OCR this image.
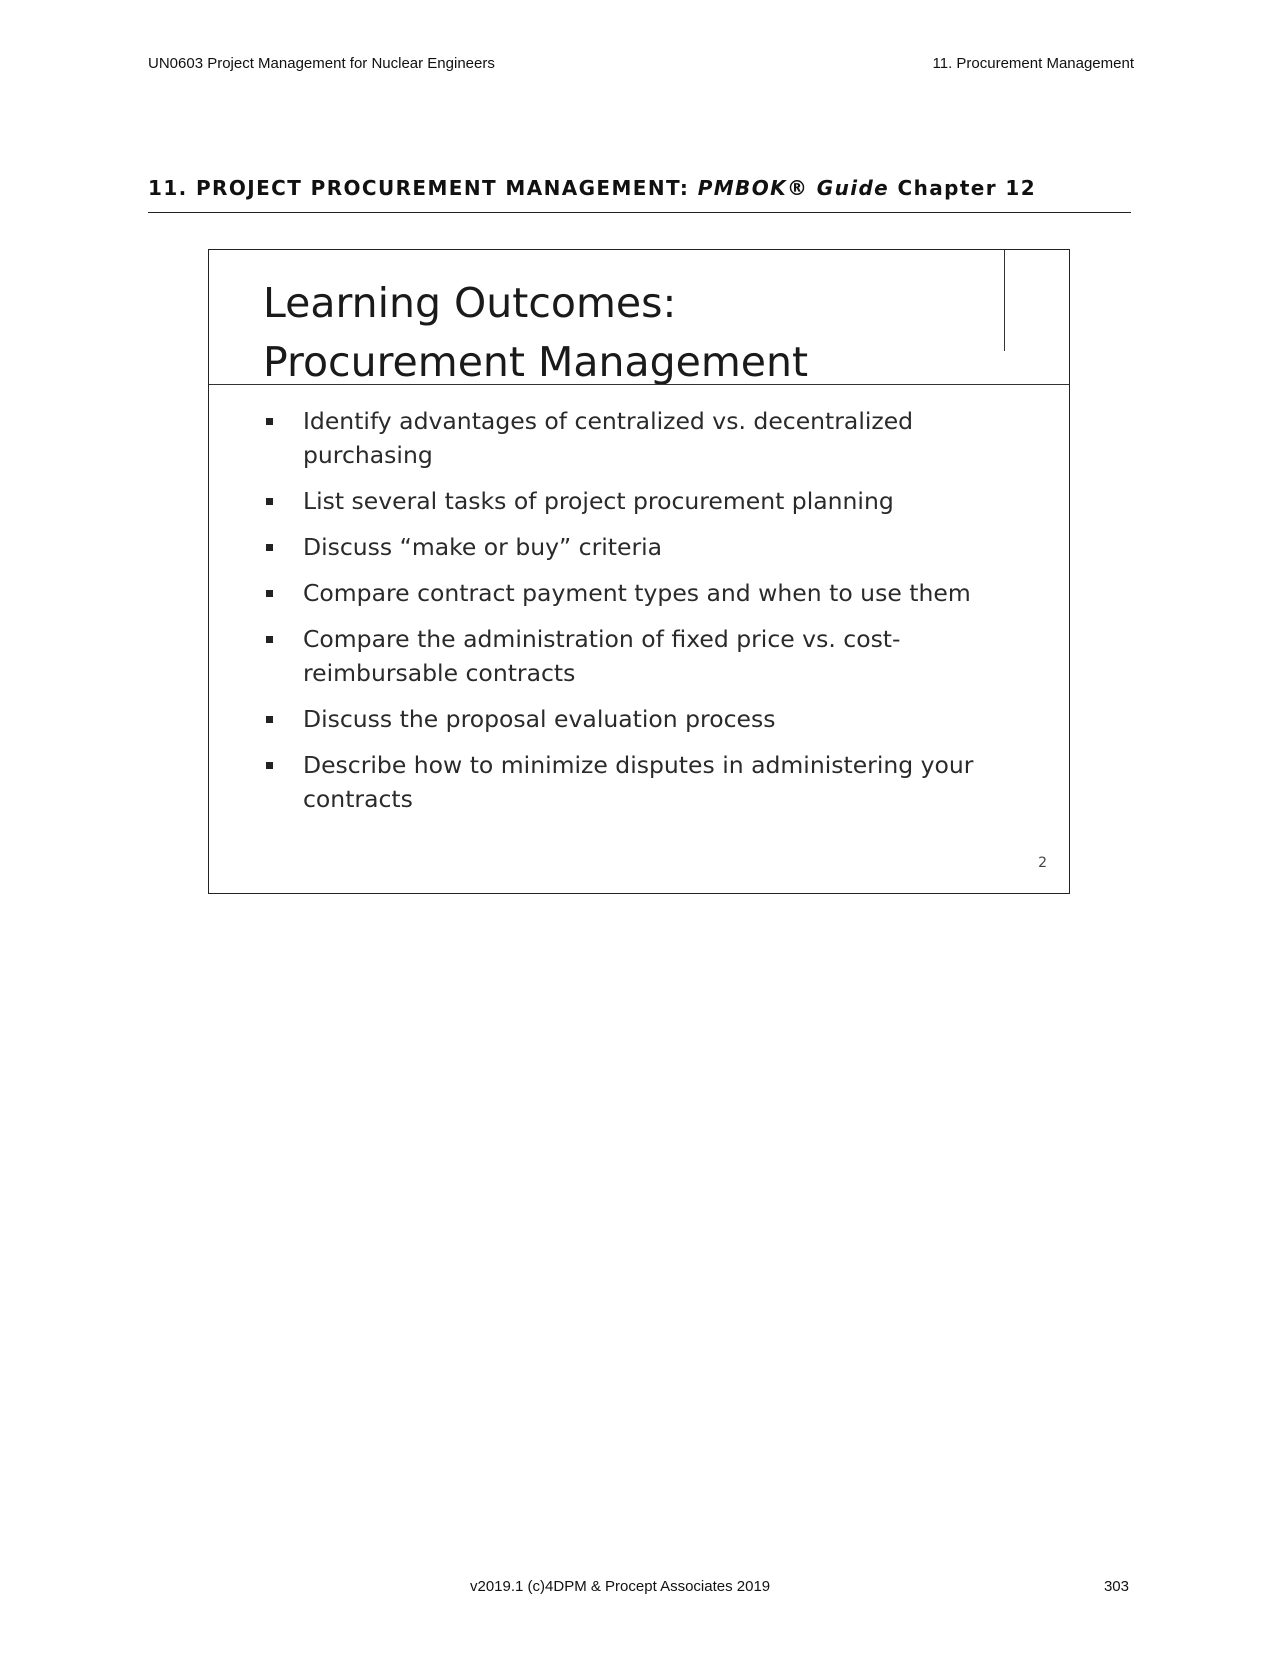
UN0603 Project Management for Nuclear Engineers	11. Procurement Management
11. PROJECT PROCUREMENT MANAGEMENT: PMBOK® Guide Chapter 12
Learning Outcomes:
Procurement Management
Identify advantages of centralized vs. decentralized purchasing
List several tasks of project procurement planning
Discuss “make or buy” criteria
Compare contract payment types and when to use them
Compare the administration of fixed price vs. cost-reimbursable contracts
Discuss the proposal evaluation process
Describe how to minimize disputes in administering your contracts
2
v2019.1 (c)4DPM & Procept Associates 2019	303
